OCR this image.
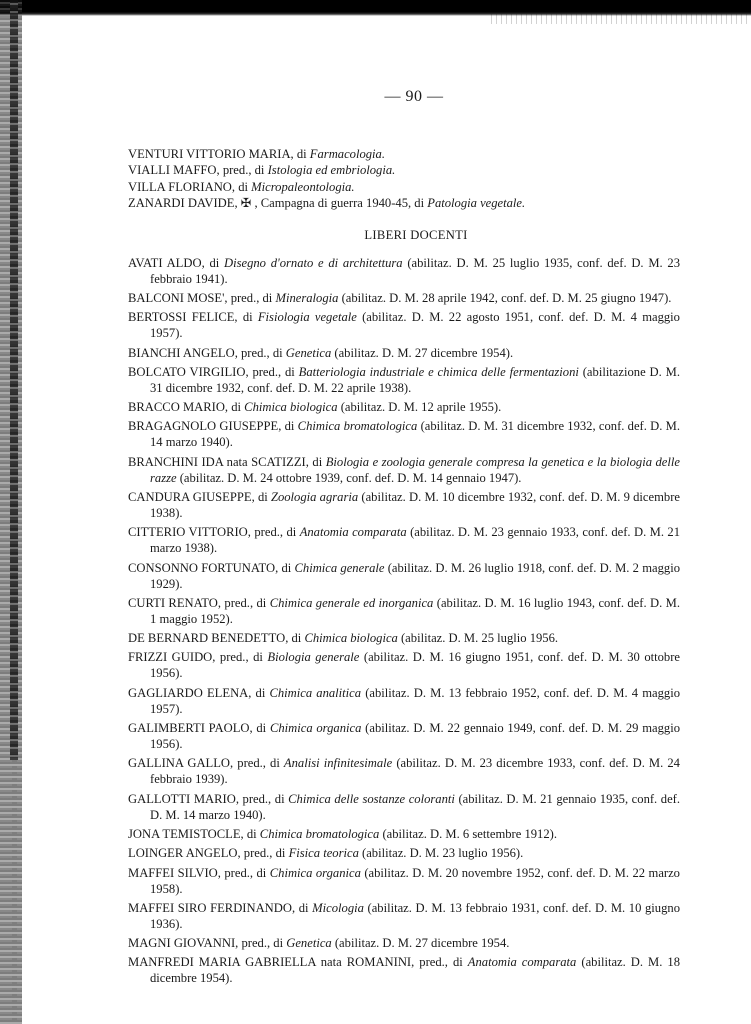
— 90 —
VENTURI VITTORIO MARIA, di Farmacologia.
VIALLI MAFFO, pred., di Istologia ed embriologia.
VILLA FLORIANO, di Micropaleontologia.
ZANARDI DAVIDE, ✠ , Campagna di guerra 1940-45, di Patologia vegetale.
LIBERI DOCENTI
AVATI ALDO, di Disegno d'ornato e di architettura (abilitaz. D. M. 25 luglio 1935, conf. def. D. M. 23 febbraio 1941).
BALCONI MOSE', pred., di Mineralogia (abilitaz. D. M. 28 aprile 1942, conf. def. D. M. 25 giugno 1947).
BERTOSSI FELICE, di Fisiologia vegetale (abilitaz. D. M. 22 agosto 1951, conf. def. D. M. 4 maggio 1957).
BIANCHI ANGELO, pred., di Genetica (abilitaz. D. M. 27 dicembre 1954).
BOLCATO VIRGILIO, pred., di Batteriologia industriale e chimica delle fermentazioni (abilitazione D. M. 31 dicembre 1932, conf. def. D. M. 22 aprile 1938).
BRACCO MARIO, di Chimica biologica (abilitaz. D. M. 12 aprile 1955).
BRAGAGNOLO GIUSEPPE, di Chimica bromatologica (abilitaz. D. M. 31 dicembre 1932, conf. def. D. M. 14 marzo 1940).
BRANCHINI IDA nata SCATIZZI, di Biologia e zoologia generale compresa la genetica e la biologia delle razze (abilitaz. D. M. 24 ottobre 1939, conf. def. D. M. 14 gennaio 1947).
CANDURA GIUSEPPE, di Zoologia agraria (abilitaz. D. M. 10 dicembre 1932, conf. def. D. M. 9 dicembre 1938).
CITTERIO VITTORIO, pred., di Anatomia comparata (abilitaz. D. M. 23 gennaio 1933, conf. def. D. M. 21 marzo 1938).
CONSONNO FORTUNATO, di Chimica generale (abilitaz. D. M. 26 luglio 1918, conf. def. D. M. 2 maggio 1929).
CURTI RENATO, pred., di Chimica generale ed inorganica (abilitaz. D. M. 16 luglio 1943, conf. def. D. M. 1 maggio 1952).
DE BERNARD BENEDETTO, di Chimica biologica (abilitaz. D. M. 25 luglio 1956.
FRIZZI GUIDO, pred., di Biologia generale (abilitaz. D. M. 16 giugno 1951, conf. def. D. M. 30 ottobre 1956).
GAGLIARDO ELENA, di Chimica analitica (abilitaz. D. M. 13 febbraio 1952, conf. def. D. M. 4 maggio 1957).
GALIMBERTI PAOLO, di Chimica organica (abilitaz. D. M. 22 gennaio 1949, conf. def. D. M. 29 maggio 1956).
GALLINA GALLO, pred., di Analisi infinitesimale (abilitaz. D. M. 23 dicembre 1933, conf. def. D. M. 24 febbraio 1939).
GALLOTTI MARIO, pred., di Chimica delle sostanze coloranti (abilitaz. D. M. 21 gennaio 1935, conf. def. D. M. 14 marzo 1940).
JONA TEMISTOCLE, di Chimica bromatologica (abilitaz. D. M. 6 settembre 1912).
LOINGER ANGELO, pred., di Fisica teorica (abilitaz. D. M. 23 luglio 1956).
MAFFEI SILVIO, pred., di Chimica organica (abilitaz. D. M. 20 novembre 1952, conf. def. D. M. 22 marzo 1958).
MAFFEI SIRO FERDINANDO, di Micologia (abilitaz. D. M. 13 febbraio 1931, conf. def. D. M. 10 giugno 1936).
MAGNI GIOVANNI, pred., di Genetica (abilitaz. D. M. 27 dicembre 1954.
MANFREDI MARIA GABRIELLA nata ROMANINI, pred., di Anatomia comparata (abilitaz. D. M. 18 dicembre 1954).
